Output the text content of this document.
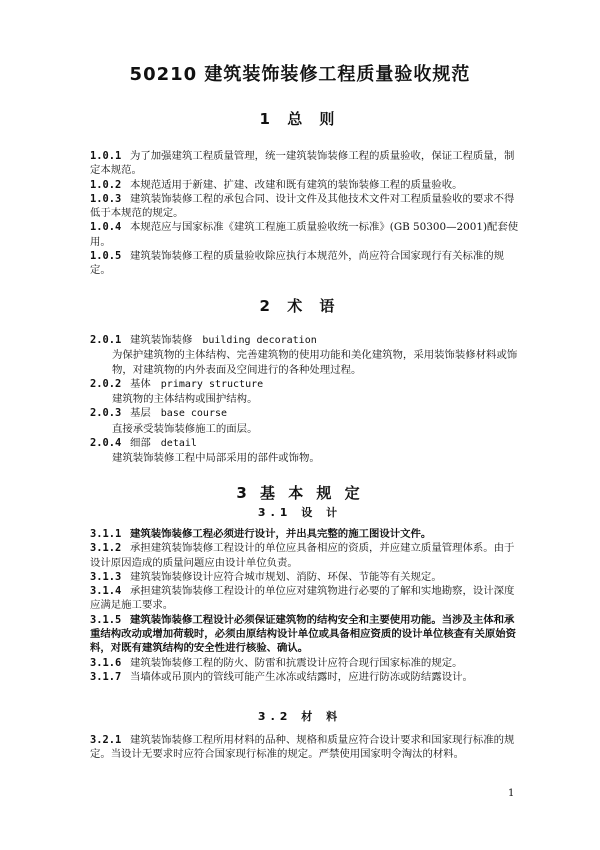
50210 建筑装饰装修工程质量验收规范
1 总 则

1.0.1 为了加强建筑工程质量管理，统一建筑装饰装修工程的质量验收，保证工程质量，制定本规范。

1.0.2 本规范适用于新建、扩建、改建和既有建筑的装饰装修工程的质量验收。

1.0.3 建筑装饰装修工程的承包合同、设计文件及其他技术文件对工程质量验收的要求不得低于本规范的规定。

1.0.4 本规范应与国家标准《建筑工程施工质量验收统一标准》(GB 50300—2001)配套使用。

1.0.5 建筑装饰装修工程的质量验收除应执行本规范外，尚应符合国家现行有关标准的规定。

2 术 语

2.0.1 建筑装饰装修 building decoration

为保护建筑物的主体结构、完善建筑物的使用功能和美化建筑物，采用装饰装修材料或饰物，对建筑物的内外表面及空间进行的各种处理过程。

2.0.2 基体 primary structure

建筑物的主体结构或围护结构。

2.0.3 基层 base course

直接承受装饰装修施工的面层。

2.0.4 细部 detail

建筑装饰装修工程中局部采用的部件或饰物。

3 基 本 规 定
3.1 设 计

3.1.1 建筑装饰装修工程必须进行设计，并出具完整的施工图设计文件。

3.1.2 承担建筑装饰装修工程设计的单位应具备相应的资质，并应建立质量管理体系。由于设计原因造成的质量问题应由设计单位负责。

3.1.3 建筑装饰装修设计应符合城市规划、消防、环保、节能等有关规定。

3.1.4 承担建筑装饰装修工程设计的单位应对建筑物进行必要的了解和实地勘察，设计深度应满足施工要求。

3.1.5 建筑装饰装修工程设计必须保证建筑物的结构安全和主要使用功能。当涉及主体和承重结构改动或增加荷载时，必须由原结构设计单位或具备相应资质的设计单位核查有关原始资料，对既有建筑结构的安全性进行核验、确认。

3.1.6 建筑装饰装修工程的防火、防雷和抗震设计应符合现行国家标准的规定。

3.1.7 当墙体或吊顶内的管线可能产生冰冻或结露时，应进行防冻或防结露设计。

3.2 材 料

3.2.1 建筑装饰装修工程所用材料的品种、规格和质量应符合设计要求和国家现行标准的规定。当设计无要求时应符合国家现行标准的规定。严禁使用国家明令淘汰的材料。

1
